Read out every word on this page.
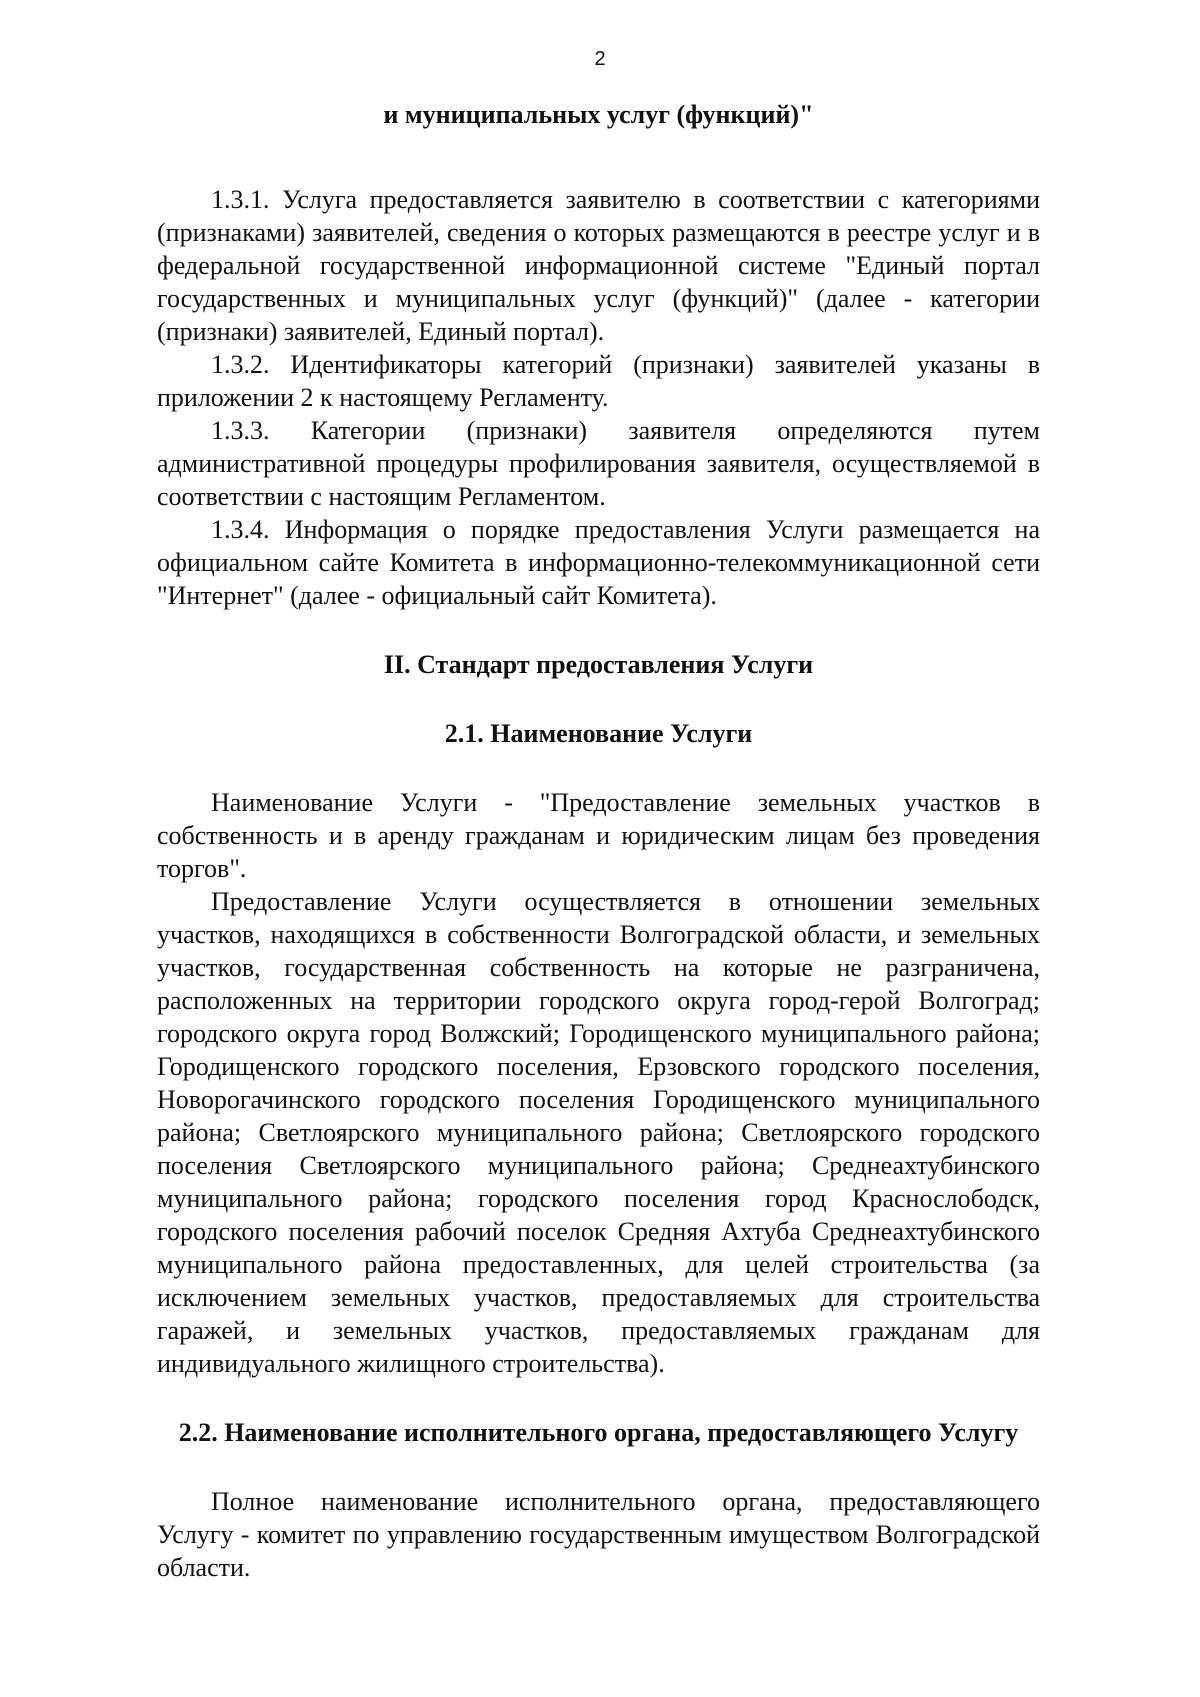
2
и муниципальных услуг (функций)"

1.3.1. Услуга предоставляется заявителю в соответствии с категориями (признаками) заявителей, сведения о которых размещаются в реестре услуг и в федеральной государственной информационной системе "Единый портал государственных и муниципальных услуг (функций)" (далее - категории (признаки) заявителей, Единый портал).

1.3.2. Идентификаторы категорий (признаки) заявителей указаны в приложении 2 к настоящему Регламенту.

1.3.3. Категории (признаки) заявителя определяются путем административной процедуры профилирования заявителя, осуществляемой в соответствии с настоящим Регламентом.

1.3.4. Информация о порядке предоставления Услуги размещается на официальном сайте Комитета в информационно-телекоммуникационной сети "Интернет" (далее - официальный сайт Комитета).

II. Стандарт предоставления Услуги
2.1. Наименование Услуги

Наименование Услуги - "Предоставление земельных участков в собственность и в аренду гражданам и юридическим лицам без проведения торгов".

Предоставление Услуги осуществляется в отношении земельных участков, находящихся в собственности Волгоградской области, и земельных участков, государственная собственность на которые не разграничена, расположенных на территории городского округа город-герой Волгоград; городского округа город Волжский; Городищенского муниципального района; Городищенского городского поселения, Ерзовского городского поселения, Новорогачинского городского поселения Городищенского муниципального района; Светлоярского муниципального района; Светлоярского городского поселения Светлоярского муниципального района; Среднеахтубинского муниципального района; городского поселения город Краснослободск, городского поселения рабочий поселок Средняя Ахтуба Среднеахтубинского муниципального района предоставленных, для целей строительства (за исключением земельных участков, предоставляемых для строительства гаражей, и земельных участков, предоставляемых гражданам для индивидуального жилищного строительства).

2.2. Наименование исполнительного органа, предоставляющего Услугу

Полное наименование исполнительного органа, предоставляющего Услугу - комитет по управлению государственным имуществом Волгоградской области.
